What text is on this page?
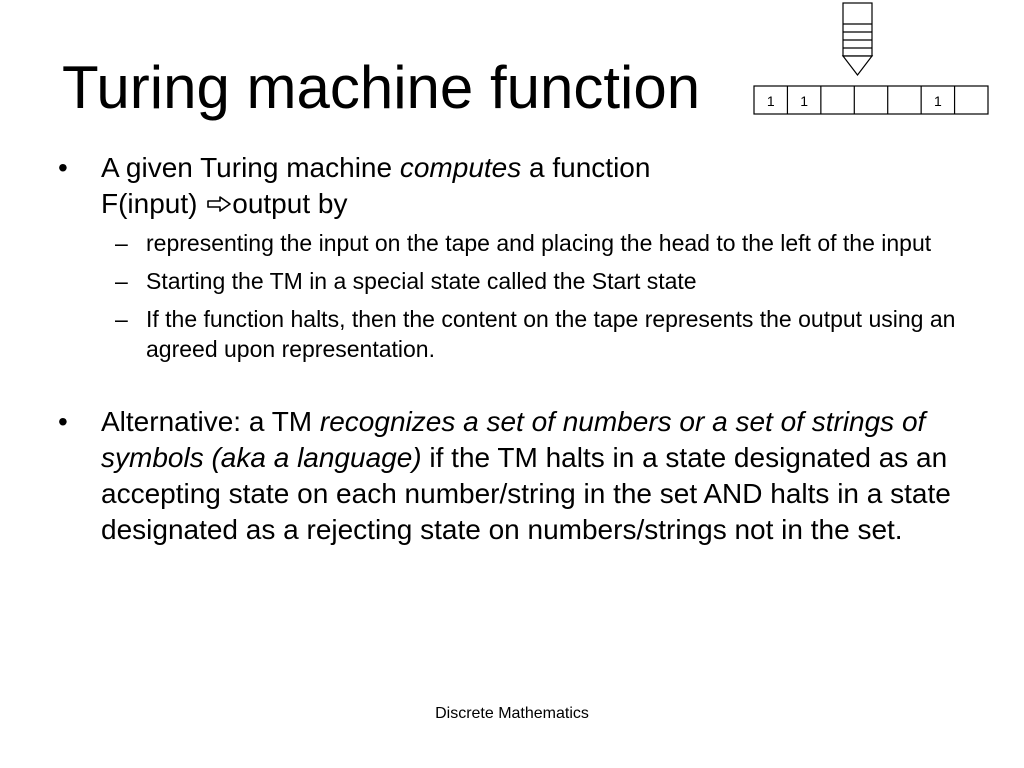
Turing machine function	1 1	1
•	A given Turing machine computes a function
F(input) output by
– representing the input on the tape and placing the head to the left of the input
– Starting the TM in a special state called the Start state
– If the function halts, then the content on the tape represents the output using an agreed upon representation.
•	Alternative: a TM recognizes a set of numbers or a set of strings of symbols (aka a language) if the TM halts in a state designated as an accepting state on each number/string in the set AND halts in a state designated as a rejecting state on numbers/strings not in the set.
Discrete Mathematics
